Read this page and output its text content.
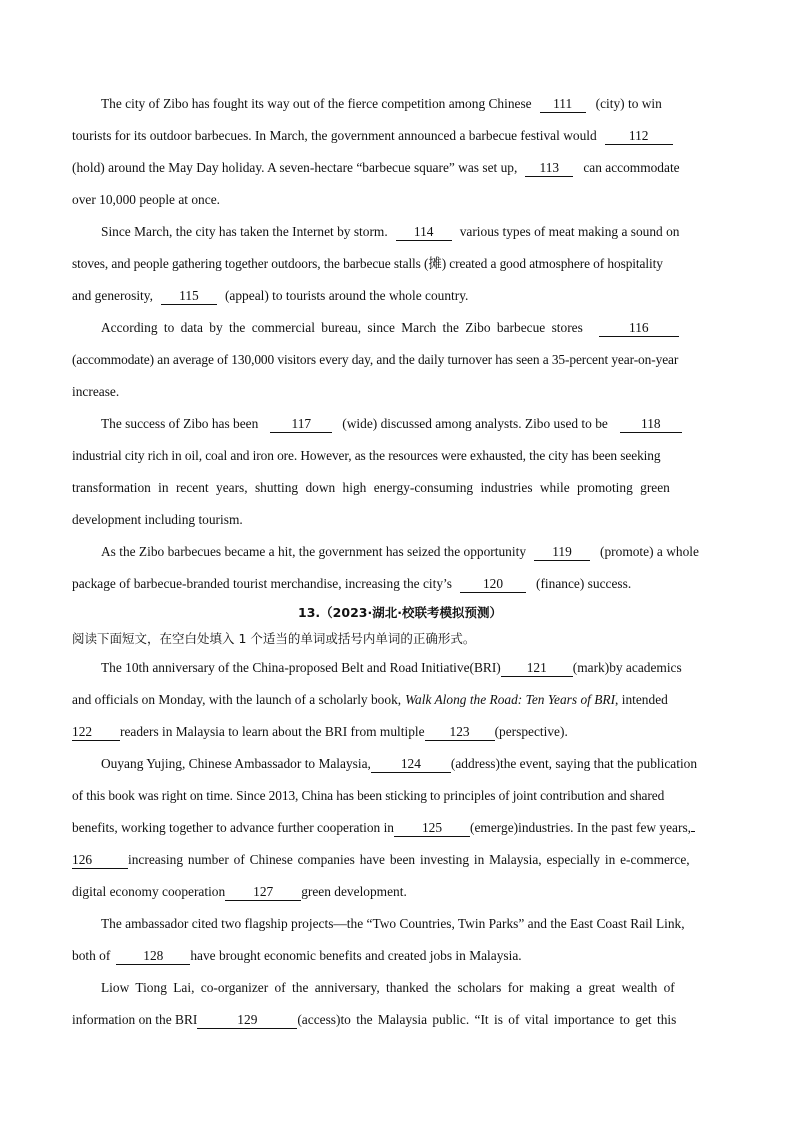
The city of Zibo has fought its way out of the fierce competition among Chinese	111	(city) to win
tourists for its outdoor barbecues. In March, the government announced a barbecue festival would	112
(hold) around the May Day holiday. A seven-hectare “barbecue square” was set up,	113	can accommodate
over 10,000 people at once.
Since March, the city has taken the Internet by storm.	114	various types of meat making a sound on
stoves, and people gathering together outdoors, the barbecue stalls (摊) created a good atmosphere of hospitality
and generosity,	115	(appeal) to tourists around the whole country.
According to data by the commercial bureau, since March the Zibo barbecue stores	116
(accommodate) an average of 130,000 visitors every day, and the daily turnover has seen a 35-percent year-on-year
increase.
The success of Zibo has been	117	(wide) discussed among analysts. Zibo used to be	118
industrial city rich in oil, coal and iron ore. However, as the resources were exhausted, the city has been seeking
transformation in recent years, shutting down high energy-consuming industries while promoting green
development including tourism.
As the Zibo barbecues became a hit, the government has seized the opportunity	119	(promote) a whole
package of barbecue-branded tourist merchandise, increasing the city’s	120	(finance) success.
13.（2023·湖北·校联考模拟预测）
阅读下面短文，在空白处填入 1 个适当的单词或括号内单词的正确形式。
The 10th anniversary of the China-proposed Belt and Road Initiative(BRI)	121	(mark)by academics
and officials on Monday, with the launch of a scholarly book, Walk Along the Road: Ten Years of BRI , intended
122	readers in Malaysia to learn about the BRI from multiple	123	(perspective).
Ouyang Yujing, Chinese Ambassador to Malaysia,	124	(address)the event, saying that the publication
of this book was right on time. Since 2013, China has been sticking to principles of joint contribution and shared
benefits, working together to advance further cooperation in	125	(emerge)industries. In the past few years,
126	increasing number of Chinese companies have been investing in Malaysia, especially in e-commerce,
digital economy cooperation	127	green development.
The ambassador cited two flagship projects—the “Two Countries, Twin Parks” and the East Coast Rail Link,
both of	128	have brought economic benefits and created jobs in Malaysia.
Liow Tiong Lai, co-organizer of the anniversary, thanked the scholars for making a great wealth of
information on the BRI	129	(access)to the Malaysia public. “It is of vital importance to get this
